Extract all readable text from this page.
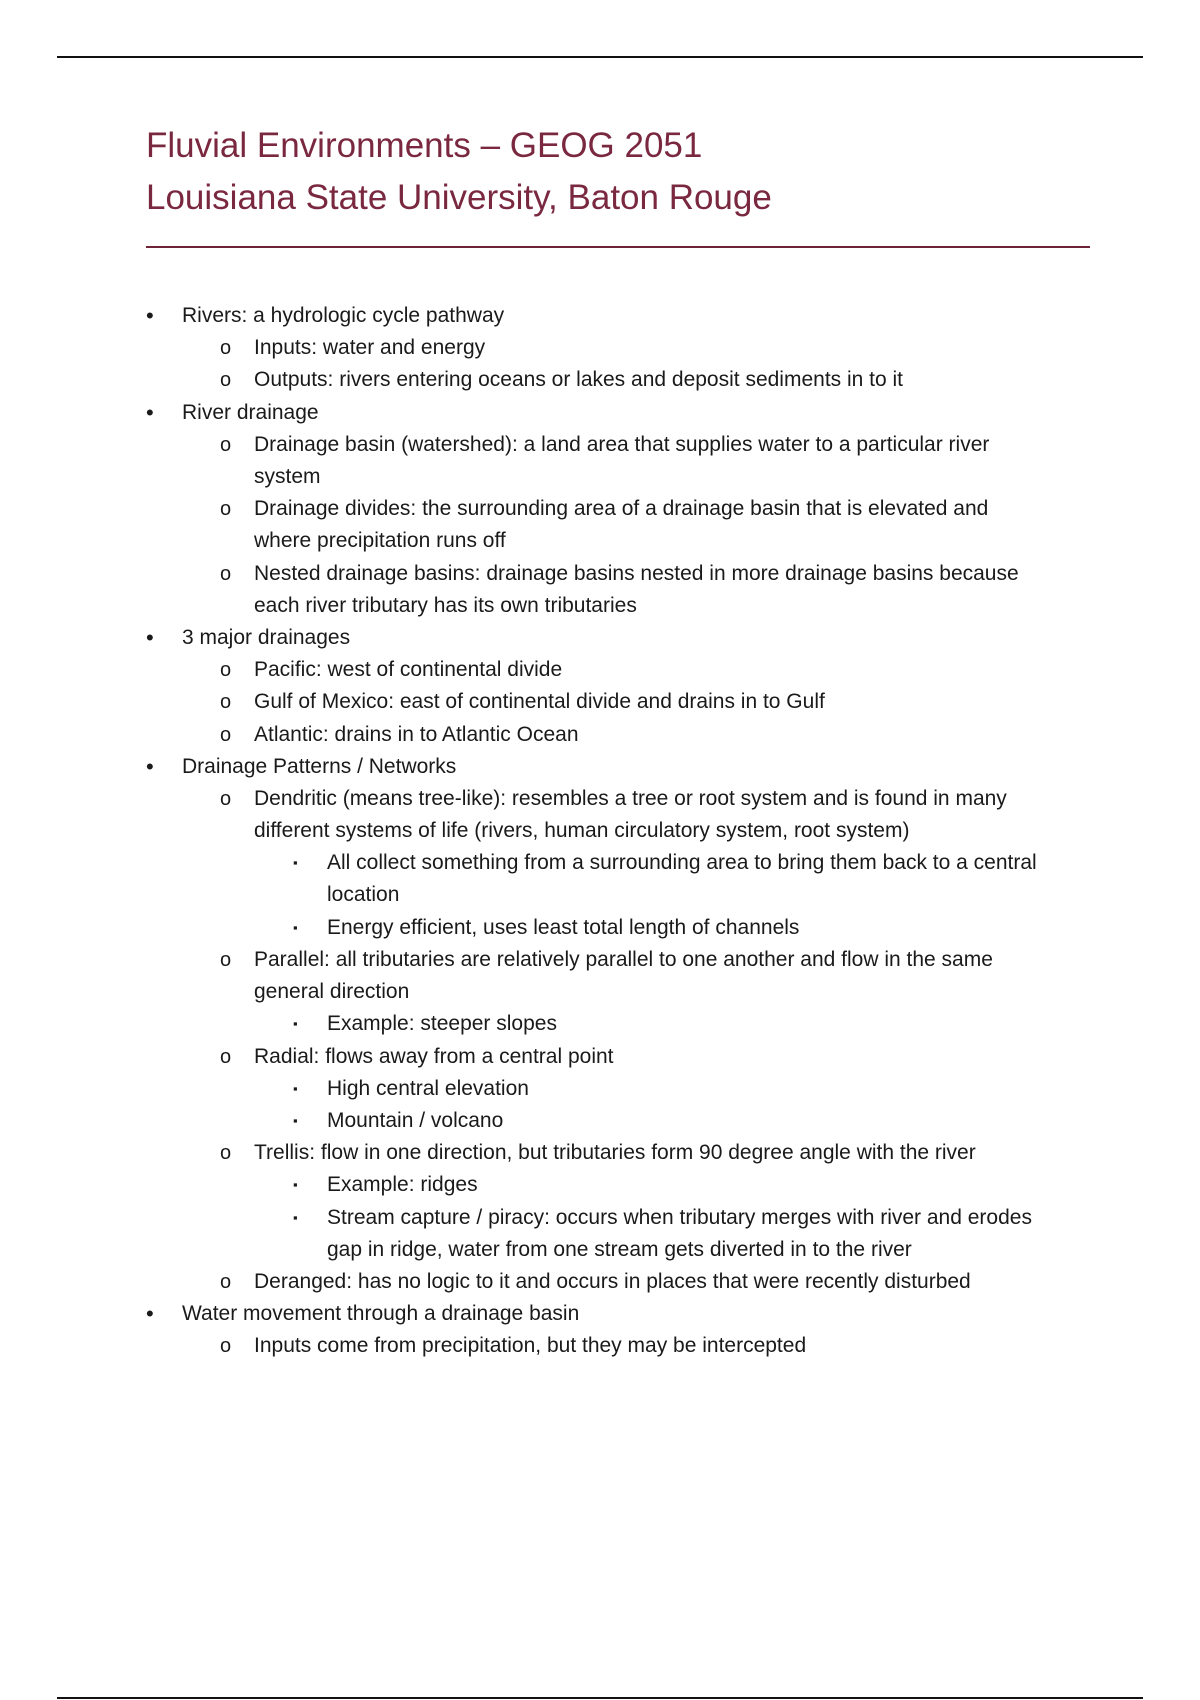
Fluvial Environments – GEOG 2051
Louisiana State University, Baton Rouge
• Rivers: a hydrologic cycle pathway
o Inputs: water and energy
o Outputs: rivers entering oceans or lakes and deposit sediments in to it
• River drainage
o Drainage basin (watershed): a land area that supplies water to a particular river
system
o Drainage divides: the surrounding area of a drainage basin that is elevated and
where precipitation runs off
o Nested drainage basins: drainage basins nested in more drainage basins because
each river tributary has its own tributaries
• 3 major drainages
o Pacific: west of continental divide
o Gulf of Mexico: east of continental divide and drains in to Gulf
o Atlantic: drains in to Atlantic Ocean
• Drainage Patterns / Networks
o Dendritic (means tree-like): resembles a tree or root system and is found in many
different systems of life (rivers, human circulatory system, root system)
▪ All collect something from a surrounding area to bring them back to a central
location
▪ Energy efficient, uses least total length of channels
o Parallel: all tributaries are relatively parallel to one another and flow in the same
general direction
▪ Example: steeper slopes
o Radial: flows away from a central point
▪ High central elevation
▪ Mountain / volcano
o Trellis: flow in one direction, but tributaries form 90 degree angle with the river
▪ Example: ridges
▪ Stream capture / piracy: occurs when tributary merges with river and erodes
gap in ridge, water from one stream gets diverted in to the river
o Deranged: has no logic to it and occurs in places that were recently disturbed
• Water movement through a drainage basin
o Inputs come from precipitation, but they may be intercepted
